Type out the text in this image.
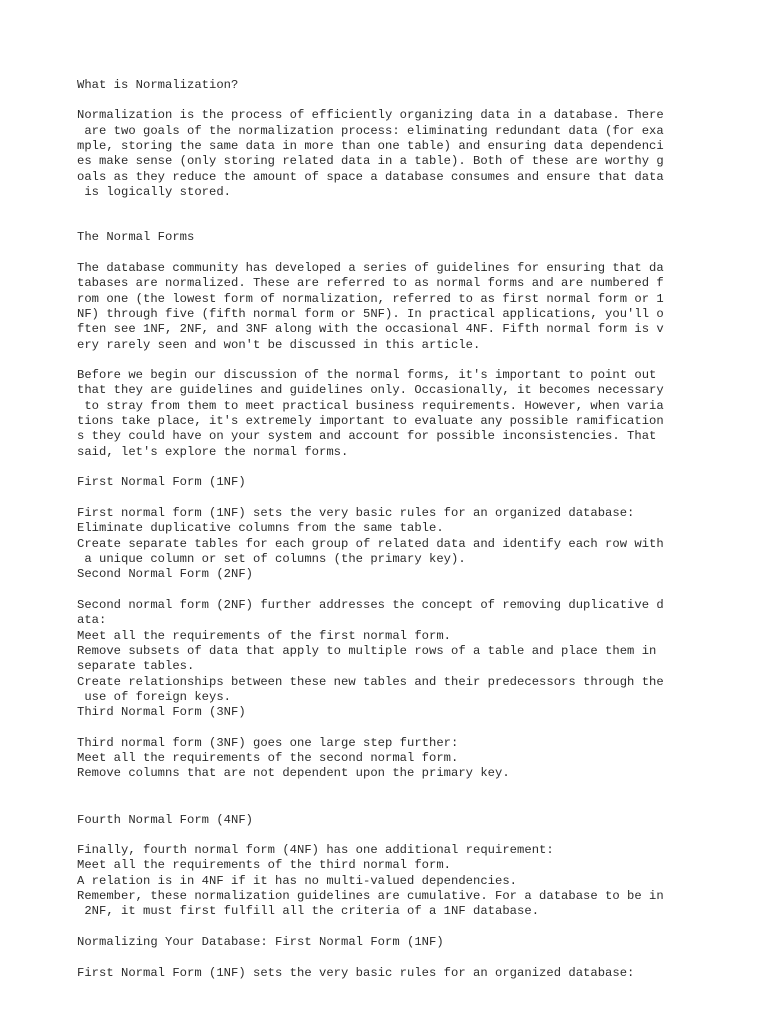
What is Normalization?

Normalization is the process of efficiently organizing data in a database. There

are two goals of the normalization process: eliminating redundant data (for exa

mple, storing the same data in more than one table) and ensuring data dependenci

es make sense (only storing related data in a table). Both of these are worthy g

oals as they reduce the amount of space a database consumes and ensure that data

is logically stored.

The Normal Forms

The database community has developed a series of guidelines for ensuring that da

tabases are normalized. These are referred to as normal forms and are numbered f

rom one (the lowest form of normalization, referred to as first normal form or 1

NF) through five (fifth normal form or 5NF). In practical applications, you'll o

ften see 1NF, 2NF, and 3NF along with the occasional 4NF. Fifth normal form is v

ery rarely seen and won't be discussed in this article.

Before we begin our discussion of the normal forms, it's important to point out

that they are guidelines and guidelines only. Occasionally, it becomes necessary

to stray from them to meet practical business requirements. However, when varia

tions take place, it's extremely important to evaluate any possible ramification

s they could have on your system and account for possible inconsistencies. That

said, let's explore the normal forms.

First Normal Form (1NF)

First normal form (1NF) sets the very basic rules for an organized database:

Eliminate duplicative columns from the same table.

Create separate tables for each group of related data and identify each row with

a unique column or set of columns (the primary key).

Second Normal Form (2NF)

Second normal form (2NF) further addresses the concept of removing duplicative d

ata:

Meet all the requirements of the first normal form.

Remove subsets of data that apply to multiple rows of a table and place them in

separate tables.

Create relationships between these new tables and their predecessors through the

use of foreign keys.

Third Normal Form (3NF)

Third normal form (3NF) goes one large step further:

Meet all the requirements of the second normal form.

Remove columns that are not dependent upon the primary key.

Fourth Normal Form (4NF)

Finally, fourth normal form (4NF) has one additional requirement:

Meet all the requirements of the third normal form.

A relation is in 4NF if it has no multi-valued dependencies.

Remember, these normalization guidelines are cumulative. For a database to be in

2NF, it must first fulfill all the criteria of a 1NF database.

Normalizing Your Database: First Normal Form (1NF)

First Normal Form (1NF) sets the very basic rules for an organized database:
